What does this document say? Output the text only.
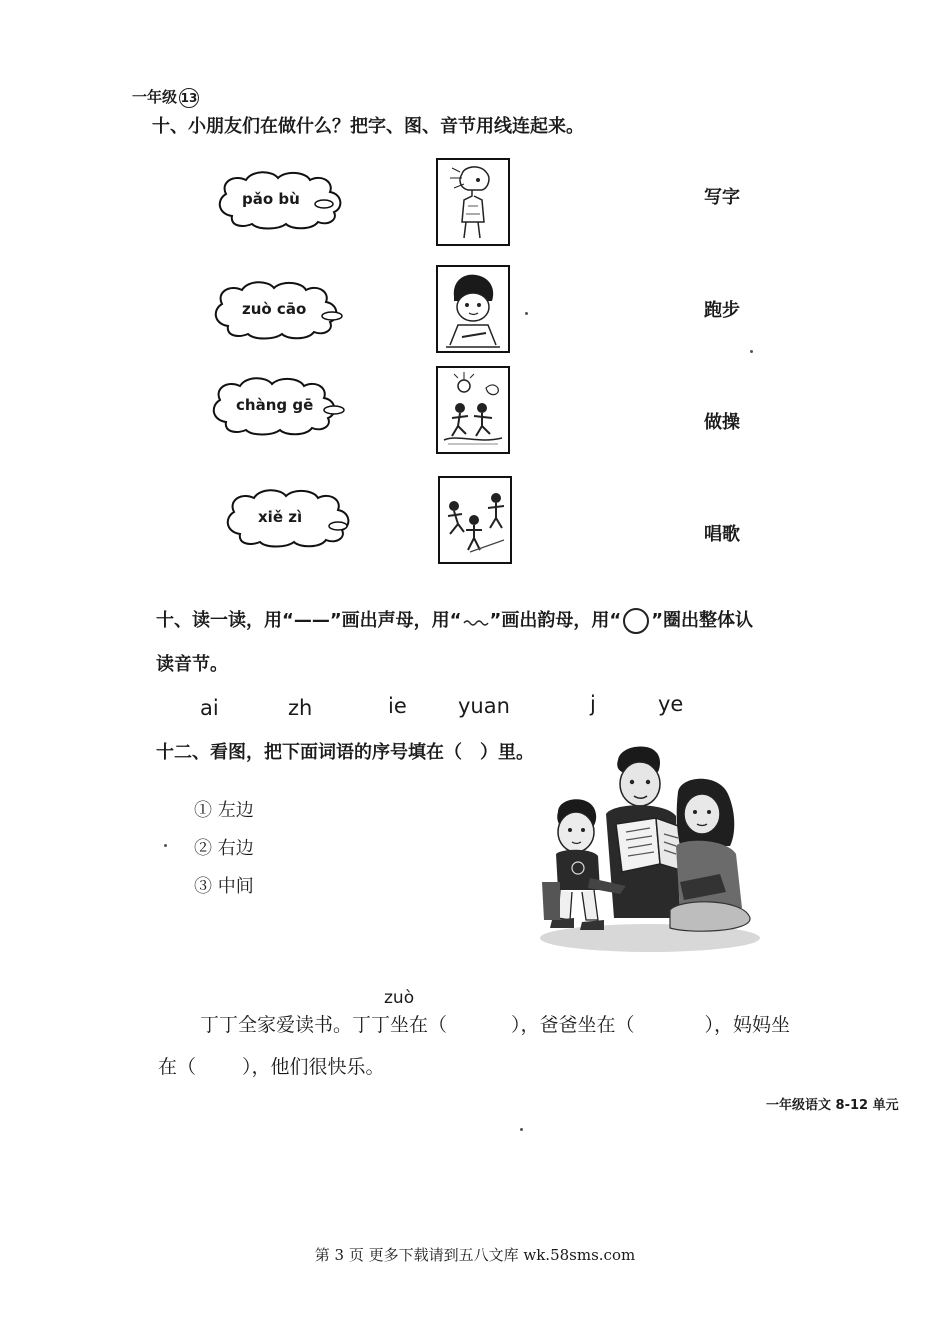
一年级 13
十、小朋友们在做什么？把字、图、音节用线连起来。
pǎo bù
zuò cāo
chàng gē
xiě zì
写字
跑步
做操
唱歌
十、读一读，用“——”画出声母，用“ ”画出韵母，用“ ○ ”圈出整体认
读音节。
ai	zh	ie yuan	j	ye
十二、看图，把下面词语的序号填在（　）里。
① 左边
② 右边
③ 中间
zuò
丁丁全家爱读书。丁丁坐在（	），爸爸坐在（	），妈妈坐
在（ ），他们很快乐。
一年级语文 8-12 单元
第 3 页 更多下载请到五八文库 wk.58sms.com
